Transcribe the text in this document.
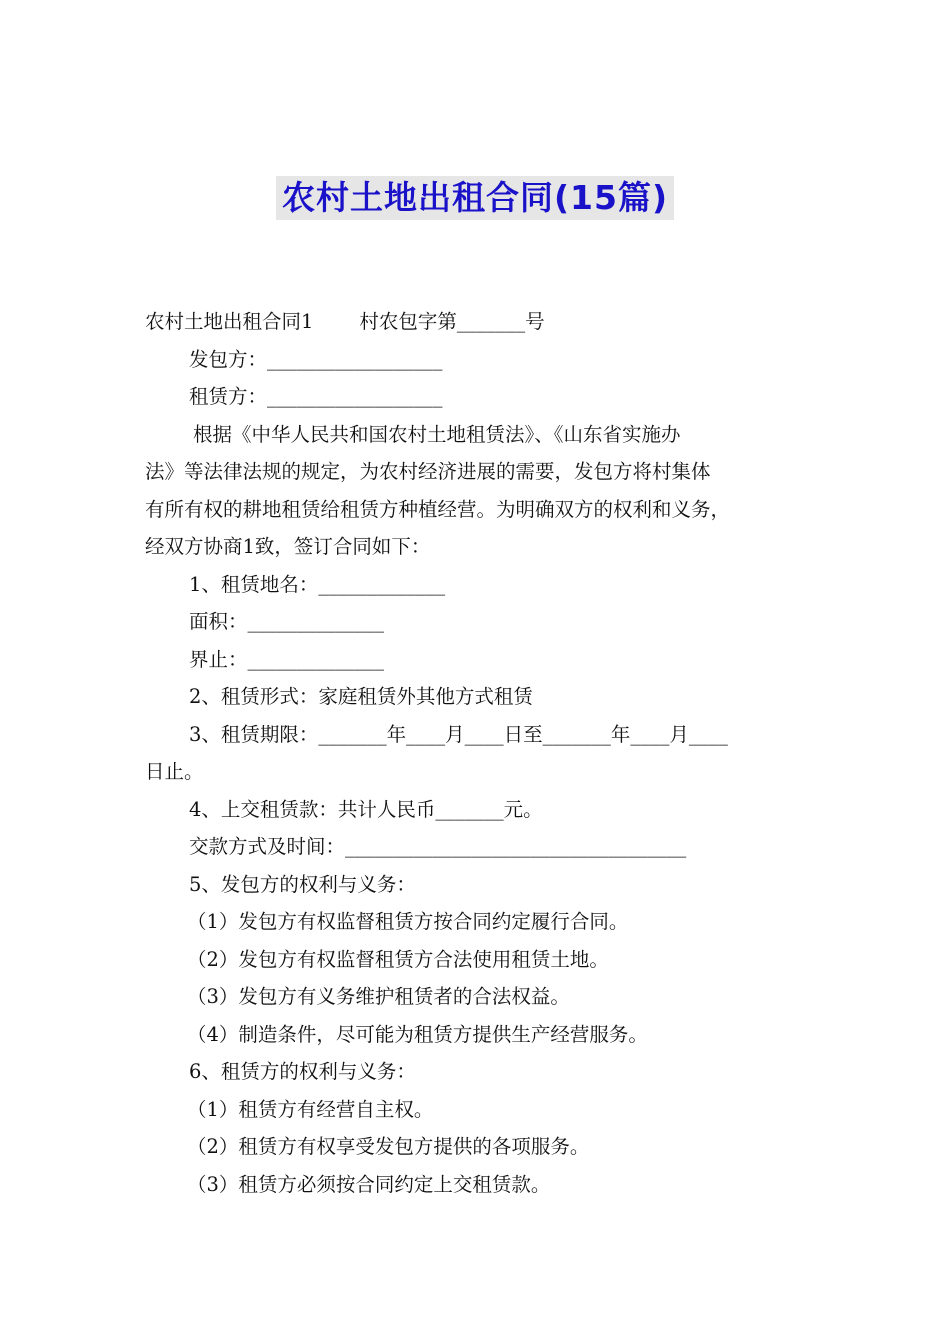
农村土地出租合同(15篇)
农村土地出租合同1 村农包字第_______号
发包方：__________________
租赁方：__________________
根据《中华人民共和国农村土地租赁法》、《山东省实施办
法》等法律法规的规定，为农村经济进展的需要，发包方将村集体
有所有权的耕地租赁给租赁方种植经营。为明确双方的权利和义务，
经双方协商1致，签订合同如下：
1、租赁地名：_____________
面积：______________
界止：______________
2、租赁形式：家庭租赁外其他方式租赁
3、租赁期限：_______年____月____日至_______年____月____
日止。
4、上交租赁款：共计人民币_______元。
交款方式及时间：___________________________________
5、发包方的权利与义务：
（1）发包方有权监督租赁方按合同约定履行合同。
（2）发包方有权监督租赁方合法使用租赁土地。
（3）发包方有义务维护租赁者的合法权益。
（4）制造条件，尽可能为租赁方提供生产经营服务。
6、租赁方的权利与义务：
（1）租赁方有经营自主权。
（2）租赁方有权享受发包方提供的各项服务。
（3）租赁方必须按合同约定上交租赁款。
